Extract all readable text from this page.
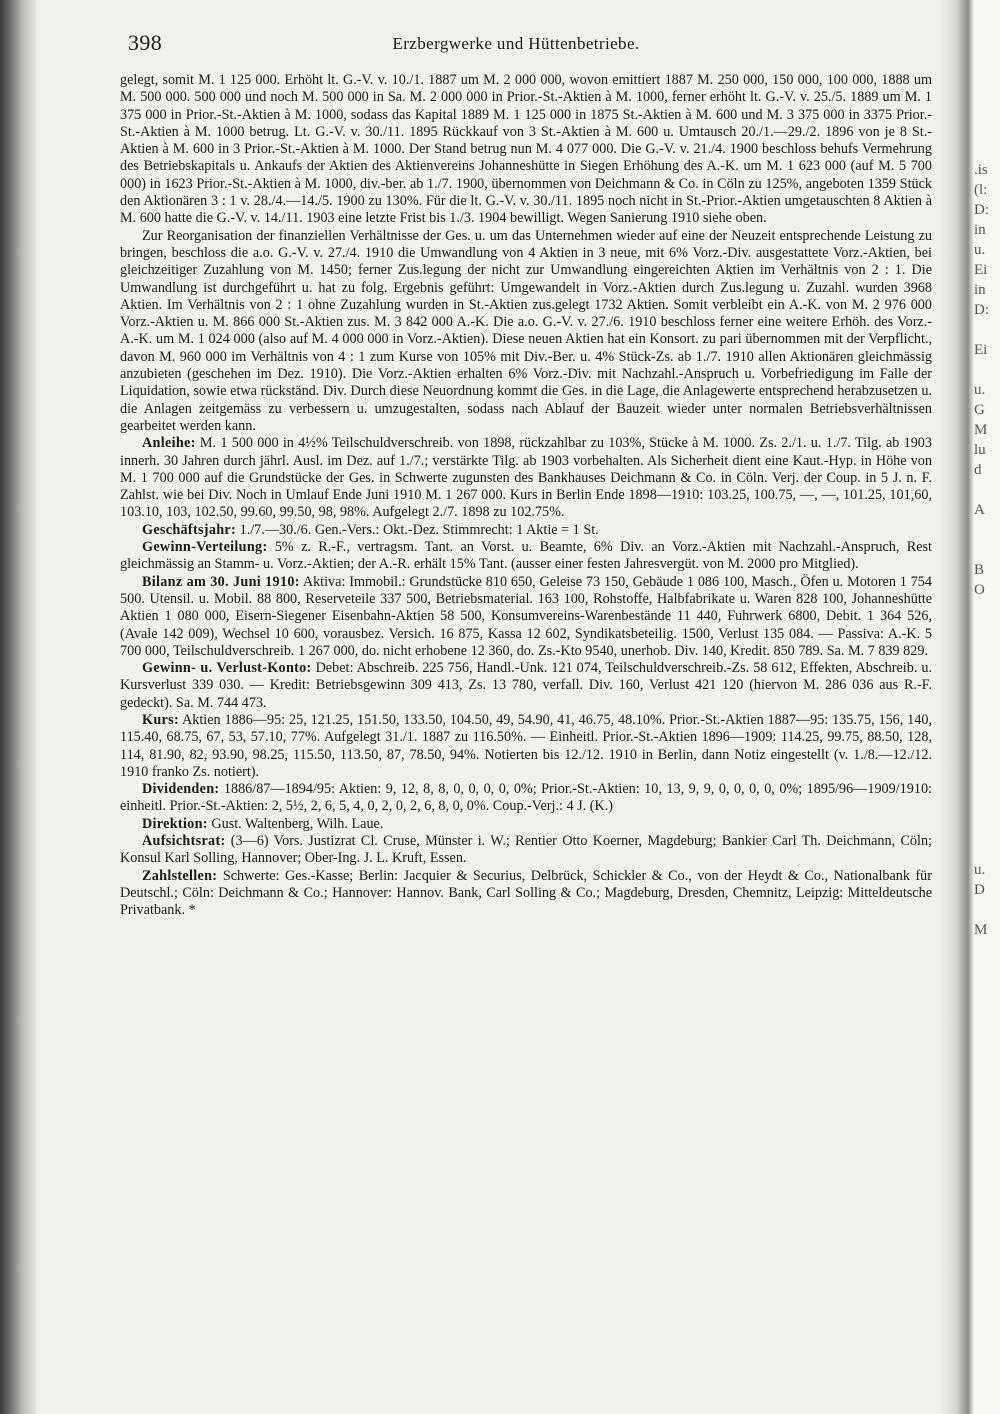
.is
(l:
D:
in
u.
Ei
in
D:

Ei

u.
G
M
lu
d

A

B
O

u.
D

M
398	Erzbergwerke und Hüttenbetriebe.

gelegt, somit M. 1 125 000. Erhöht lt. G.-V. v. 10./1. 1887 um M. 2 000 000, wovon emittiert 1887 M. 250 000, 150 000, 100 000, 1888 um M. 500 000. 500 000 und noch M. 500 000 in Sa. M. 2 000 000 in Prior.-St.-Aktien à M. 1000, ferner erhöht lt. G.-V. v. 25./5. 1889 um M. 1 375 000 in Prior.-St.-Aktien à M. 1000, sodass das Kapital 1889 M. 1 125 000 in 1875 St.-Aktien à M. 600 und M. 3 375 000 in 3375 Prior.-St.-Aktien à M. 1000 betrug. Lt. G.-V. v. 30./11. 1895 Rückkauf von 3 St.-Aktien à M. 600 u. Umtausch 20./1.—29./2. 1896 von je 8 St.-Aktien à M. 600 in 3 Prior.-St.-Aktien à M. 1000. Der Stand betrug nun M. 4 077 000. Die G.-V. v. 21./4. 1900 beschloss behufs Vermehrung des Betriebskapitals u. Ankaufs der Aktien des Aktienvereins Johanneshütte in Siegen Erhöhung des A.-K. um M. 1 623 000 (auf M. 5 700 000) in 1623 Prior.-St.-Aktien à M. 1000, div.-ber. ab 1./7. 1900, übernommen von Deichmann & Co. in Cöln zu 125%, angeboten 1359 Stück den Aktionären 3 : 1 v. 28./4.—14./5. 1900 zu 130%. Für die lt. G.-V. v. 30./11. 1895 noch nicht in St.-Prior.-Aktien umgetauschten 8 Aktien à M. 600 hatte die G.-V. v. 14./11. 1903 eine letzte Frist bis 1./3. 1904 bewilligt. Wegen Sanierung 1910 siehe oben.

Zur Reorganisation der finanziellen Verhältnisse der Ges. u. um das Unternehmen wieder auf eine der Neuzeit entsprechende Leistung zu bringen, beschloss die a.o. G.-V. v. 27./4. 1910 die Umwandlung von 4 Aktien in 3 neue, mit 6% Vorz.-Div. ausgestattete Vorz.-Aktien, bei gleichzeitiger Zuzahlung von M. 1450; ferner Zus.legung der nicht zur Umwandlung eingereichten Aktien im Verhältnis von 2 : 1. Die Umwandlung ist durchgeführt u. hat zu folg. Ergebnis geführt: Umgewandelt in Vorz.-Aktien durch Zus.legung u. Zuzahl. wurden 3968 Aktien. Im Verhältnis von 2 : 1 ohne Zuzahlung wurden in St.-Aktien zus.gelegt 1732 Aktien. Somit verbleibt ein A.-K. von M. 2 976 000 Vorz.-Aktien u. M. 866 000 St.-Aktien zus. M. 3 842 000 A.-K. Die a.o. G.-V. v. 27./6. 1910 beschloss ferner eine weitere Erhöh. des Vorz.-A.-K. um M. 1 024 000 (also auf M. 4 000 000 in Vorz.-Aktien). Diese neuen Aktien hat ein Konsort. zu pari übernommen mit der Verpflicht., davon M. 960 000 im Verhältnis von 4 : 1 zum Kurse von 105% mit Div.-Ber. u. 4% Stück-Zs. ab 1./7. 1910 allen Aktionären gleichmässig anzubieten (geschehen im Dez. 1910). Die Vorz.-Aktien erhalten 6% Vorz.-Div. mit Nachzahl.-Anspruch u. Vorbefriedigung im Falle der Liquidation, sowie etwa rückständ. Div. Durch diese Neuordnung kommt die Ges. in die Lage, die Anlagewerte entsprechend herabzusetzen u. die Anlagen zeitgemäss zu verbessern u. umzugestalten, sodass nach Ablauf der Bauzeit wieder unter normalen Betriebsverhältnissen gearbeitet werden kann.

Anleihe: M. 1 500 000 in 4½% Teilschuldverschreib. von 1898, rückzahlbar zu 103%, Stücke à M. 1000. Zs. 2./1. u. 1./7. Tilg. ab 1903 innerh. 30 Jahren durch jährl. Ausl. im Dez. auf 1./7.; verstärkte Tilg. ab 1903 vorbehalten. Als Sicherheit dient eine Kaut.-Hyp. in Höhe von M. 1 700 000 auf die Grundstücke der Ges. in Schwerte zugunsten des Bankhauses Deichmann & Co. in Cöln. Verj. der Coup. in 5 J. n. F. Zahlst. wie bei Div. Noch in Umlauf Ende Juni 1910 M. 1 267 000. Kurs in Berlin Ende 1898—1910: 103.25, 100.75, —, —, 101.25, 101,60, 103.10, 103, 102.50, 99.60, 99.50, 98, 98%. Aufgelegt 2./7. 1898 zu 102.75%.

Geschäftsjahr: 1./7.—30./6. Gen.-Vers.: Okt.-Dez. Stimmrecht: 1 Aktie = 1 St.

Gewinn-Verteilung: 5% z. R.-F., vertragsm. Tant. an Vorst. u. Beamte, 6% Div. an Vorz.-Aktien mit Nachzahl.-Anspruch, Rest gleichmässig an Stamm- u. Vorz.-Aktien; der A.-R. erhält 15% Tant. (ausser einer festen Jahresvergüt. von M. 2000 pro Mitglied).

Bilanz am 30. Juni 1910: Aktiva: Immobil.: Grundstücke 810 650, Geleise 73 150, Gebäude 1 086 100, Masch., Öfen u. Motoren 1 754 500. Utensil. u. Mobil. 88 800, Reserveteile 337 500, Betriebsmaterial. 163 100, Rohstoffe, Halbfabrikate u. Waren 828 100, Johanneshütte Aktien 1 080 000, Eisern-Siegener Eisenbahn-Aktien 58 500, Konsumvereins-Warenbestände 11 440, Fuhrwerk 6800, Debit. 1 364 526, (Avale 142 009), Wechsel 10 600, vorausbez. Versich. 16 875, Kassa 12 602, Syndikatsbeteilig. 1500, Verlust 135 084. — Passiva: A.-K. 5 700 000, Teilschuldverschreib. 1 267 000, do. nicht erhobene 12 360, do. Zs.-Kto 9540, unerhob. Div. 140, Kredit. 850 789. Sa. M. 7 839 829.

Gewinn- u. Verlust-Konto: Debet: Abschreib. 225 756, Handl.-Unk. 121 074, Teilschuldverschreib.-Zs. 58 612, Effekten, Abschreib. u. Kursverlust 339 030. — Kredit: Betriebsgewinn 309 413, Zs. 13 780, verfall. Div. 160, Verlust 421 120 (hiervon M. 286 036 aus R.-F. gedeckt). Sa. M. 744 473.

Kurs: Aktien 1886—95: 25, 121.25, 151.50, 133.50, 104.50, 49, 54.90, 41, 46.75, 48.10%. Prior.-St.-Aktien 1887—95: 135.75, 156, 140, 115.40, 68.75, 67, 53, 57.10, 77%. Aufgelegt 31./1. 1887 zu 116.50%. — Einheitl. Prior.-St.-Aktien 1896—1909: 114.25, 99.75, 88.50, 128, 114, 81.90, 82, 93.90, 98.25, 115.50, 113.50, 87, 78.50, 94%. Notierten bis 12./12. 1910 in Berlin, dann Notiz eingestellt (v. 1./8.—12./12. 1910 franko Zs. notiert).

Dividenden: 1886/87—1894/95: Aktien: 9, 12, 8, 8, 0, 0, 0, 0, 0%; Prior.-St.-Aktien: 10, 13, 9, 9, 0, 0, 0, 0, 0%; 1895/96—1909/1910: einheitl. Prior.-St.-Aktien: 2, 5½, 2, 6, 5, 4, 0, 2, 0, 2, 6, 8, 0, 0%. Coup.-Verj.: 4 J. (K.)

Direktion: Gust. Waltenberg, Wilh. Laue.

Aufsichtsrat: (3—6) Vors. Justizrat Cl. Cruse, Münster i. W.; Rentier Otto Koerner, Magdeburg; Bankier Carl Th. Deichmann, Cöln; Konsul Karl Solling, Hannover; Ober-Ing. J. L. Kruft, Essen.

Zahlstellen: Schwerte: Ges.-Kasse; Berlin: Jacquier & Securius, Delbrück, Schickler & Co., von der Heydt & Co., Nationalbank für Deutschl.; Cöln: Deichmann & Co.; Hannover: Hannov. Bank, Carl Solling & Co.; Magdeburg, Dresden, Chemnitz, Leipzig: Mitteldeutsche Privatbank. *
